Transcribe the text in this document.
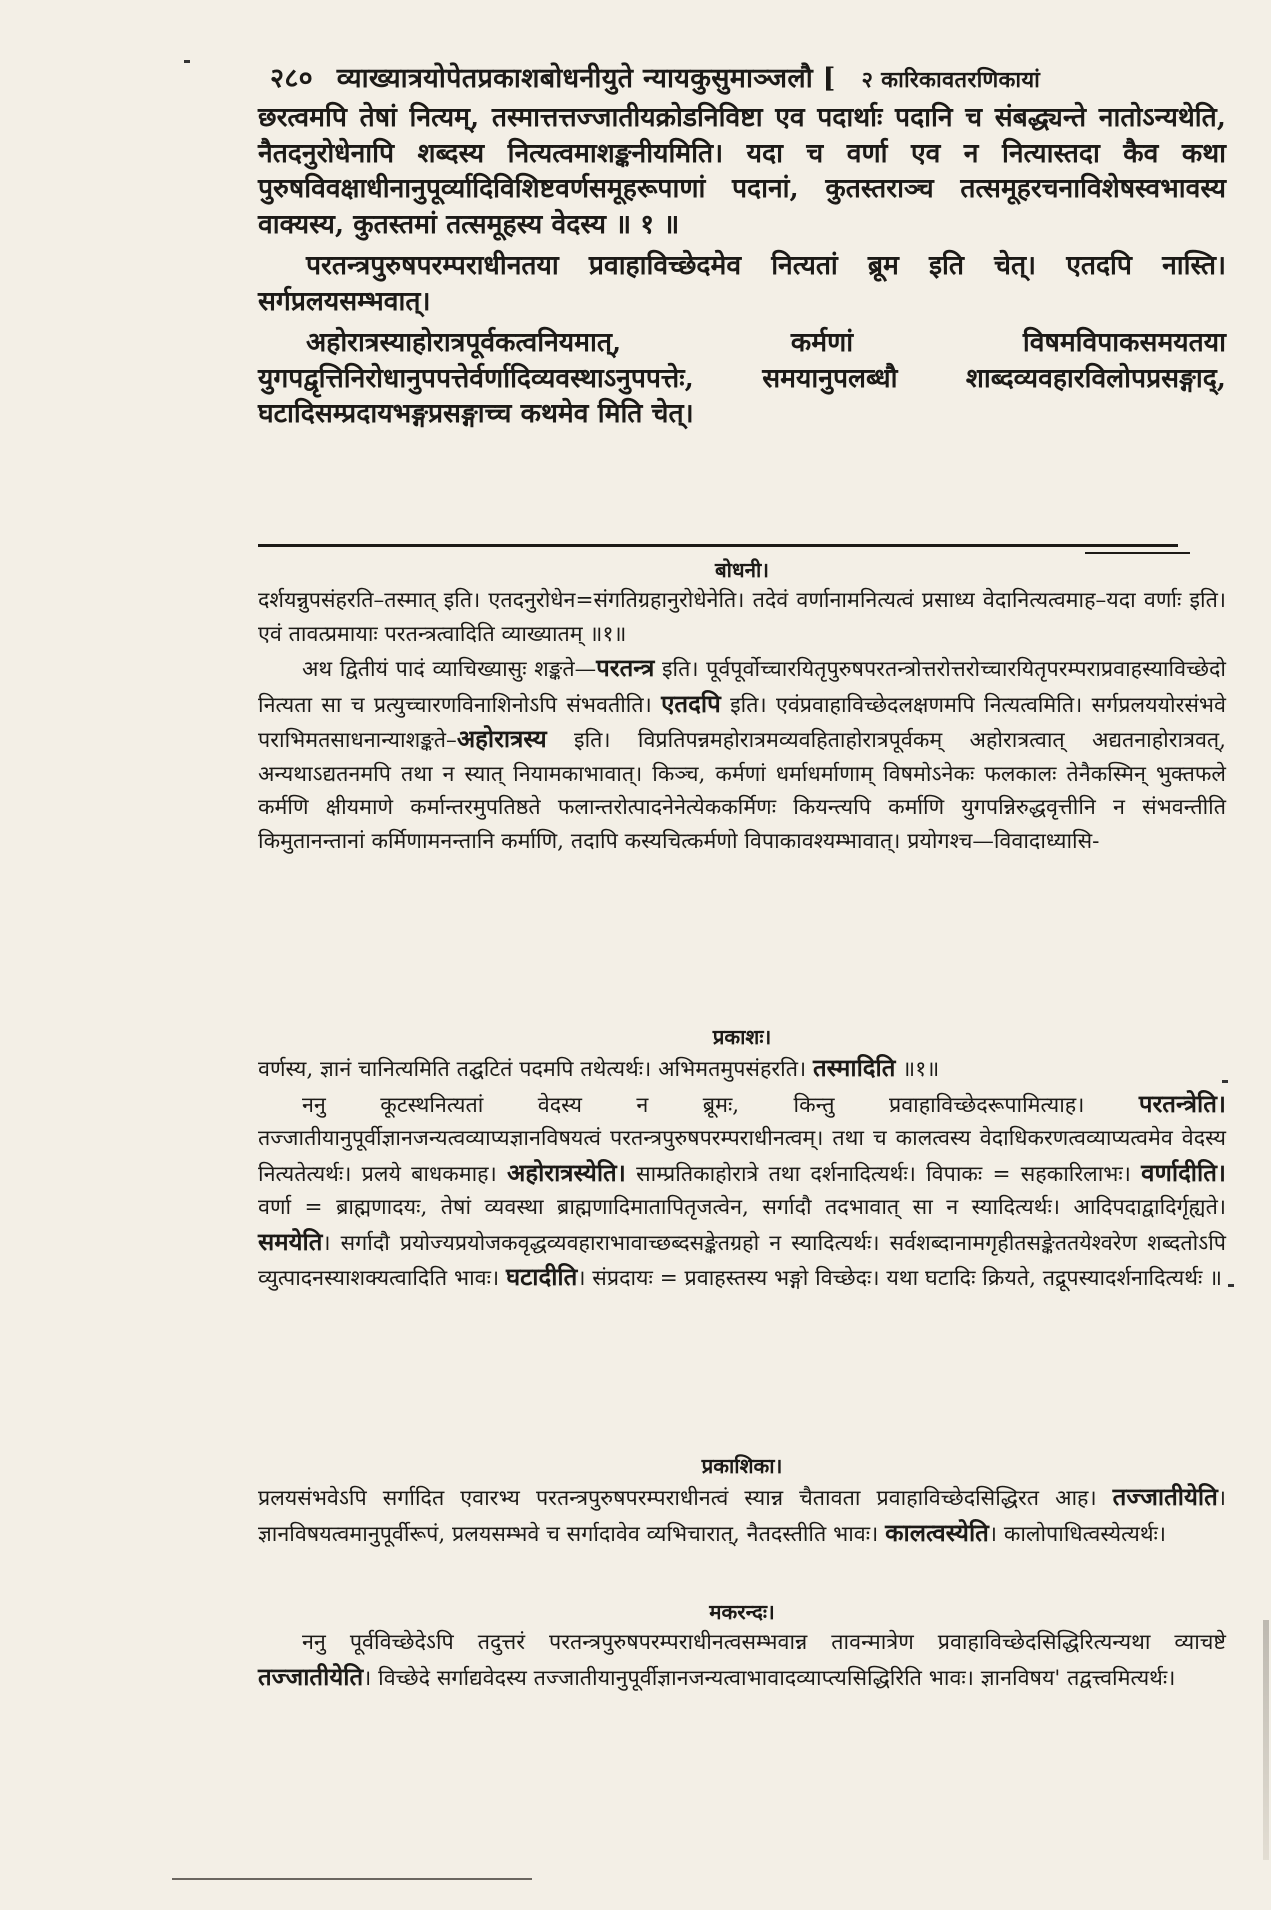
२८० व्याख्यात्रयोपेतप्रकाशबोधनीयुते न्यायकुसुमाञ्जलौ [ २ कारिकावतरणिकायां

छरत्वमपि तेषां नित्यम्, तस्मात्तत्तज्जातीयक्रोडनिविष्टा एव पदार्थाः पदानि च संबद्ध्यन्ते नातोऽन्यथेति, नैतदनुरोधेनापि शब्दस्य नित्यत्वमाशङ्कनीयमिति। यदा च वर्णा एव न नित्यास्तदा कैव कथा पुरुषविवक्षाधीनानुपूर्व्यादिविशिष्टवर्णसमूहरूपाणां पदानां, कुतस्तराञ्च तत्समूहरचनाविशेषस्वभावस्य वाक्यस्य, कुतस्तमां तत्समूहस्य वेदस्य ॥ १ ॥

परतन्त्रपुरुषपरम्पराधीनतया प्रवाहाविच्छेदमेव नित्यतां ब्रूम इति चेत्। एतदपि नास्ति। सर्गप्रलयसम्भवात्।

अहोरात्रस्याहोरात्रपूर्वकत्वनियमात्, कर्मणां विषमविपाकसमयतया युगपद्वृत्तिनिरोधानुपपत्तेर्वर्णादिव्यवस्थाऽनुपपत्तेः, समयानुपलब्धौ शाब्दव्यवहारविलोपप्रसङ्गाद्, घटादिसम्प्रदायभङ्गप्रसङ्गाच्च कथमेव मिति चेत्।

बोधनी।

दर्शयन्नुपसंहरति–तस्मात् इति। एतदनुरोधेन=संगतिग्रहानुरोधेनेति। तदेवं वर्णानामनित्यत्वं प्रसाध्य वेदानित्यत्वमाह–यदा वर्णाः इति। एवं तावत्प्रमायाः परतन्त्रत्वादिति व्याख्यातम् ॥१॥

अथ द्वितीयं पादं व्याचिख्यासुः शङ्कते—परतन्त्र इति। पूर्वपूर्वोच्चारयितृपुरुषपरतन्त्रोत्तरोत्तरोच्चारयितृपरम्पराप्रवाहस्याविच्छेदो नित्यता सा च प्रत्युच्चारणविनाशिनोऽपि संभवतीति। एतदपि इति। एवंप्रवाहाविच्छेदलक्षणमपि नित्यत्वमिति। सर्गप्रलययोरसंभवे पराभिमतसाधनान्याशङ्कते–अहोरात्रस्य इति। विप्रतिपन्नमहोरात्रमव्यवहिताहोरात्रपूर्वकम् अहोरात्रत्वात् अद्यतनाहोरात्रवत्, अन्यथाऽद्यतनमपि तथा न स्यात् नियामकाभावात्। किञ्च, कर्मणां धर्माधर्माणाम् विषमोऽनेकः फलकालः तेनैकस्मिन् भुक्तफले कर्मणि क्षीयमाणे कर्मान्तरमुपतिष्ठते फलान्तरोत्पादनेनेत्येककर्मिणः कियन्त्यपि कर्माणि युगपन्निरुद्धवृत्तीनि न संभवन्तीति किमुतानन्तानां कर्मिणामनन्तानि कर्माणि, तदापि कस्यचित्कर्मणो विपाकावश्यम्भावात्। प्रयोगश्च—विवादाध्यासि-

प्रकाशः।

वर्णस्य, ज्ञानं चानित्यमिति तद्घटितं पदमपि तथेत्यर्थः। अभिमतमुपसंहरति। तस्मादिति ॥१॥

ननु कूटस्थनित्यतां वेदस्य न ब्रूमः, किन्तु प्रवाहाविच्छेदरूपामित्याह। परतन्त्रेति। तज्जातीयानुपूर्वीज्ञानजन्यत्वव्याप्यज्ञानविषयत्वं परतन्त्रपुरुषपरम्पराधीनत्वम्। तथा च कालत्वस्य वेदाधिकरणत्वव्याप्यत्वमेव वेदस्य नित्यतेत्यर्थः। प्रलये बाधकमाह। अहोरात्रस्येति। साम्प्रतिकाहोरात्रे तथा दर्शनादित्यर्थः। विपाकः = सहकारिलाभः। वर्णादीति। वर्णा = ब्राह्मणादयः, तेषां व्यवस्था ब्राह्मणादिमातापितृजत्वेन, सर्गादौ तदभावात् सा न स्यादित्यर्थः। आदिपदाद्वादिर्गृह्यते। समयेति। सर्गादौ प्रयोज्यप्रयोजकवृद्धव्यवहाराभावाच्छब्दसङ्केतग्रहो न स्यादित्यर्थः। सर्वशब्दानामगृहीतसङ्केततयेश्वरेण शब्दतोऽपि व्युत्पादनस्याशक्यत्वादिति भावः। घटादीति। संप्रदायः = प्रवाहस्तस्य भङ्गो विच्छेदः। यथा घटादिः क्रियते, तद्रूपस्यादर्शनादित्यर्थः ॥

प्रकाशिका।

प्रलयसंभवेऽपि सर्गादित एवारभ्य परतन्त्रपुरुषपरम्पराधीनत्वं स्यान्न चैतावता प्रवाहाविच्छेदसिद्धिरत आह। तज्जातीयेति। ज्ञानविषयत्वमानुपूर्वीरूपं, प्रलयसम्भवे च सर्गादावेव व्यभिचारात्, नैतदस्तीति भावः। कालत्वस्येति। कालोपाधित्वस्येत्यर्थः।

मकरन्दः।

ननु पूर्वविच्छेदेऽपि तदुत्तरं परतन्त्रपुरुषपरम्पराधीनत्वसम्भवान्न तावन्मात्रेण प्रवाहाविच्छेदसिद्धिरित्यन्यथा व्याचष्टे तज्जातीयेति। विच्छेदे सर्गाद्यवेदस्य तज्जातीयानुपूर्वीज्ञानजन्यत्वाभावादव्याप्त्यसिद्धिरिति भावः। ज्ञानविषय' तद्वत्त्वमित्यर्थः।
